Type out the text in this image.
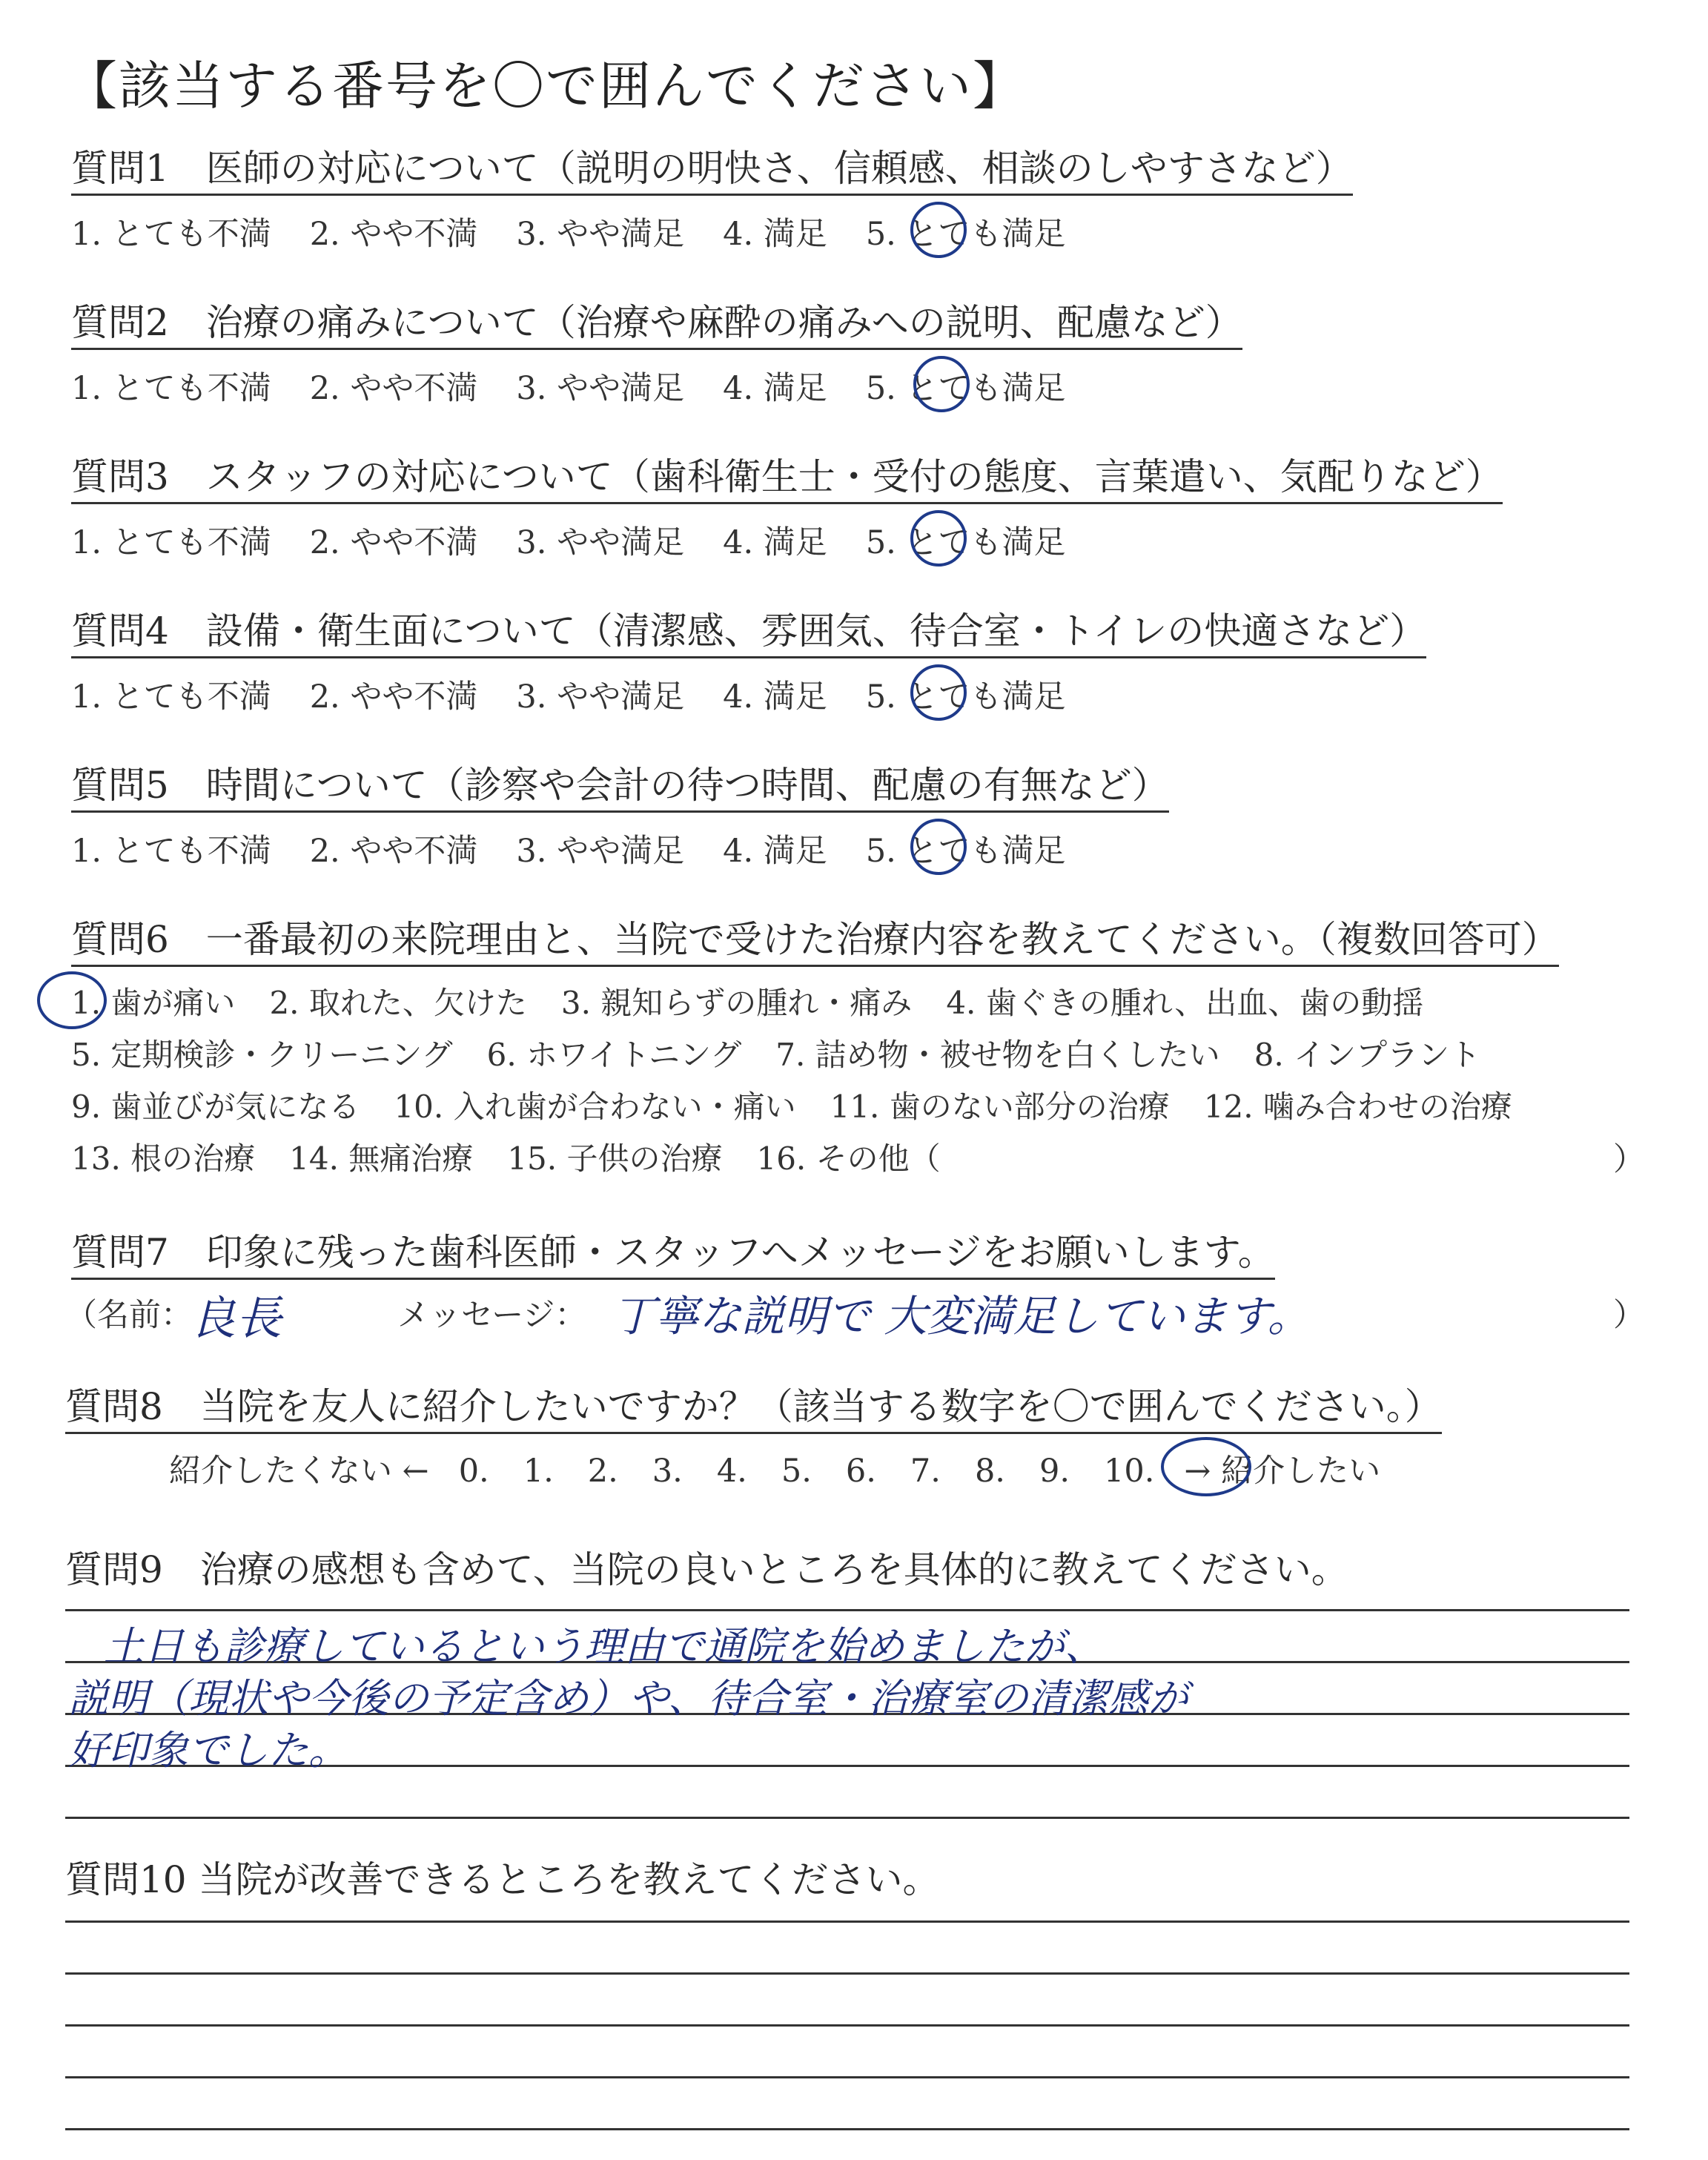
【該当する番号を〇で囲んでください】
質問1　医師の対応について（説明の明快さ、信頼感、相談のしやすさなど）
1. とても不満 2. やや不満 3. やや満足 4. 満足 5. とても満足
質問2　治療の痛みについて（治療や麻酔の痛みへの説明、配慮など）
1. とても不満 2. やや不満 3. やや満足 4. 満足 5. とても満足
質問3　スタッフの対応について（歯科衛生士・受付の態度、言葉遣い、気配りなど）
1. とても不満 2. やや不満 3. やや満足 4. 満足 5. とても満足
質問4　設備・衛生面について（清潔感、雰囲気、待合室・トイレの快適さなど）
1. とても不満 2. やや不満 3. やや満足 4. 満足 5. とても満足
質問5　時間について（診察や会計の待つ時間、配慮の有無など）
1. とても不満 2. やや不満 3. やや満足 4. 満足 5. とても満足
質問6　一番最初の来院理由と、当院で受けた治療内容を教えてください。（複数回答可）
1. 歯が痛い 2. 取れた、欠けた 3. 親知らずの腫れ・痛み 4. 歯ぐきの腫れ、出血、歯の動揺
5. 定期検診・クリーニング 6. ホワイトニング 7. 詰め物・被せ物を白くしたい 8. インプラント
9. 歯並びが気になる 10. 入れ歯が合わない・痛い 11. 歯のない部分の治療 12. 噛み合わせの治療
13. 根の治療 14. 無痛治療 15. 子供の治療 16. その他（	）
質問7　印象に残った歯科医師・スタッフへメッセージをお願いします。
（名前：
良長	メッセージ： 丁寧な説明で 大変満足しています。	）
質問8　当院を友人に紹介したいですか？（該当する数字を〇で囲んでください。）
紹介したくない ← 0. 1. 2. 3. 4. 5. 6. 7. 8. 9. 10. → 紹介したい
質問9　治療の感想も含めて、当院の良いところを具体的に教えてください。
土日も診療しているという理由で通院を始めましたが、
説明（現状や今後の予定含め）や、待合室・治療室の清潔感が
好印象でした。
質問10 当院が改善できるところを教えてください。
